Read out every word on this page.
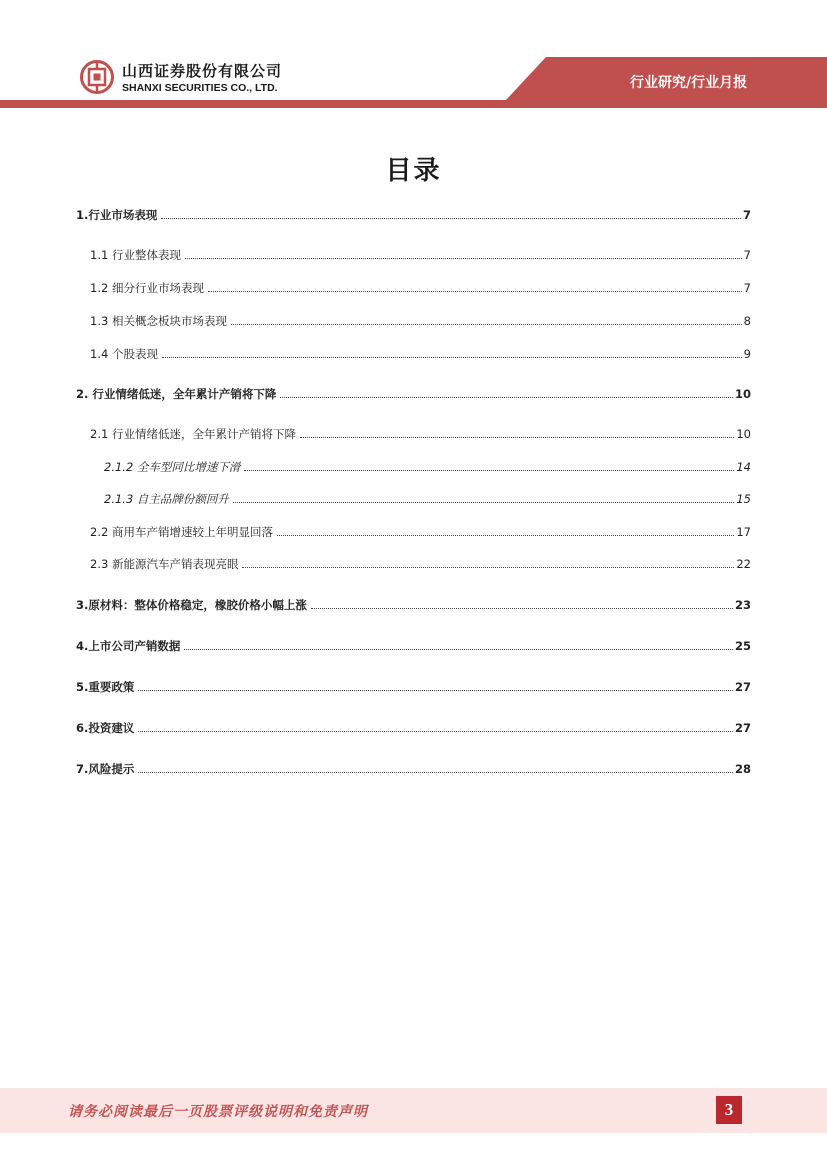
山西证券股份有限公司
SHANXI SECURITIES CO., LTD.	行业研究/行业月报
目录
1.行业市场表现	7
1.1 行业整体表现	7
1.2 细分行业市场表现	7
1.3 相关概念板块市场表现	8
1.4 个股表现	9
2. 行业情绪低迷，全年累计产销将下降	10
2.1 行业情绪低迷，全年累计产销将下降	10
2.1.2 全车型同比增速下滑	14
2.1.3 自主品牌份额回升	15
2.2 商用车产销增速较上年明显回落	17
2.3 新能源汽车产销表现亮眼	22
3.原材料：整体价格稳定，橡胶价格小幅上涨	23
4.上市公司产销数据	25
5.重要政策	27
6.投资建议	27
7.风险提示	28
请务必阅读最后一页股票评级说明和免责声明	3
